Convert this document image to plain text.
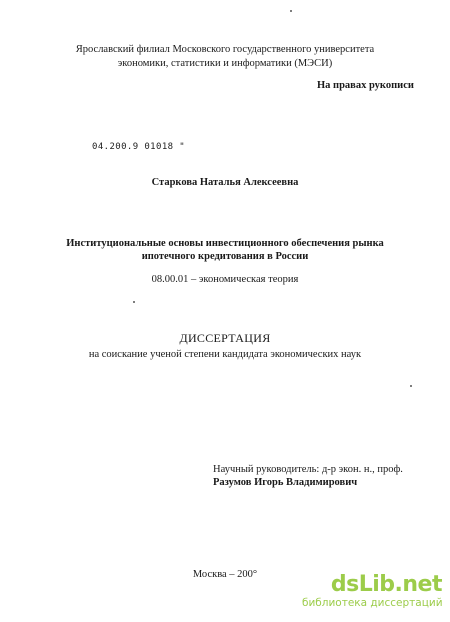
Ярославский филиал Московского государственного университета
экономики, статистики и информатики (МЭСИ)
На правах рукописи
04.200.9 01018 "
Старкова Наталья Алексеевна
Институциональные основы инвестиционного обеспечения рынка
ипотечного кредитования в России
08.00.01 – экономическая теория
ДИССЕРТАЦИЯ
на соискание ученой степени кандидата экономических наук
Научный руководитель: д-р экон. н., проф.
Разумов Игорь Владимирович
Москва – 200°	dsLib.net
библиотека диссертаций
